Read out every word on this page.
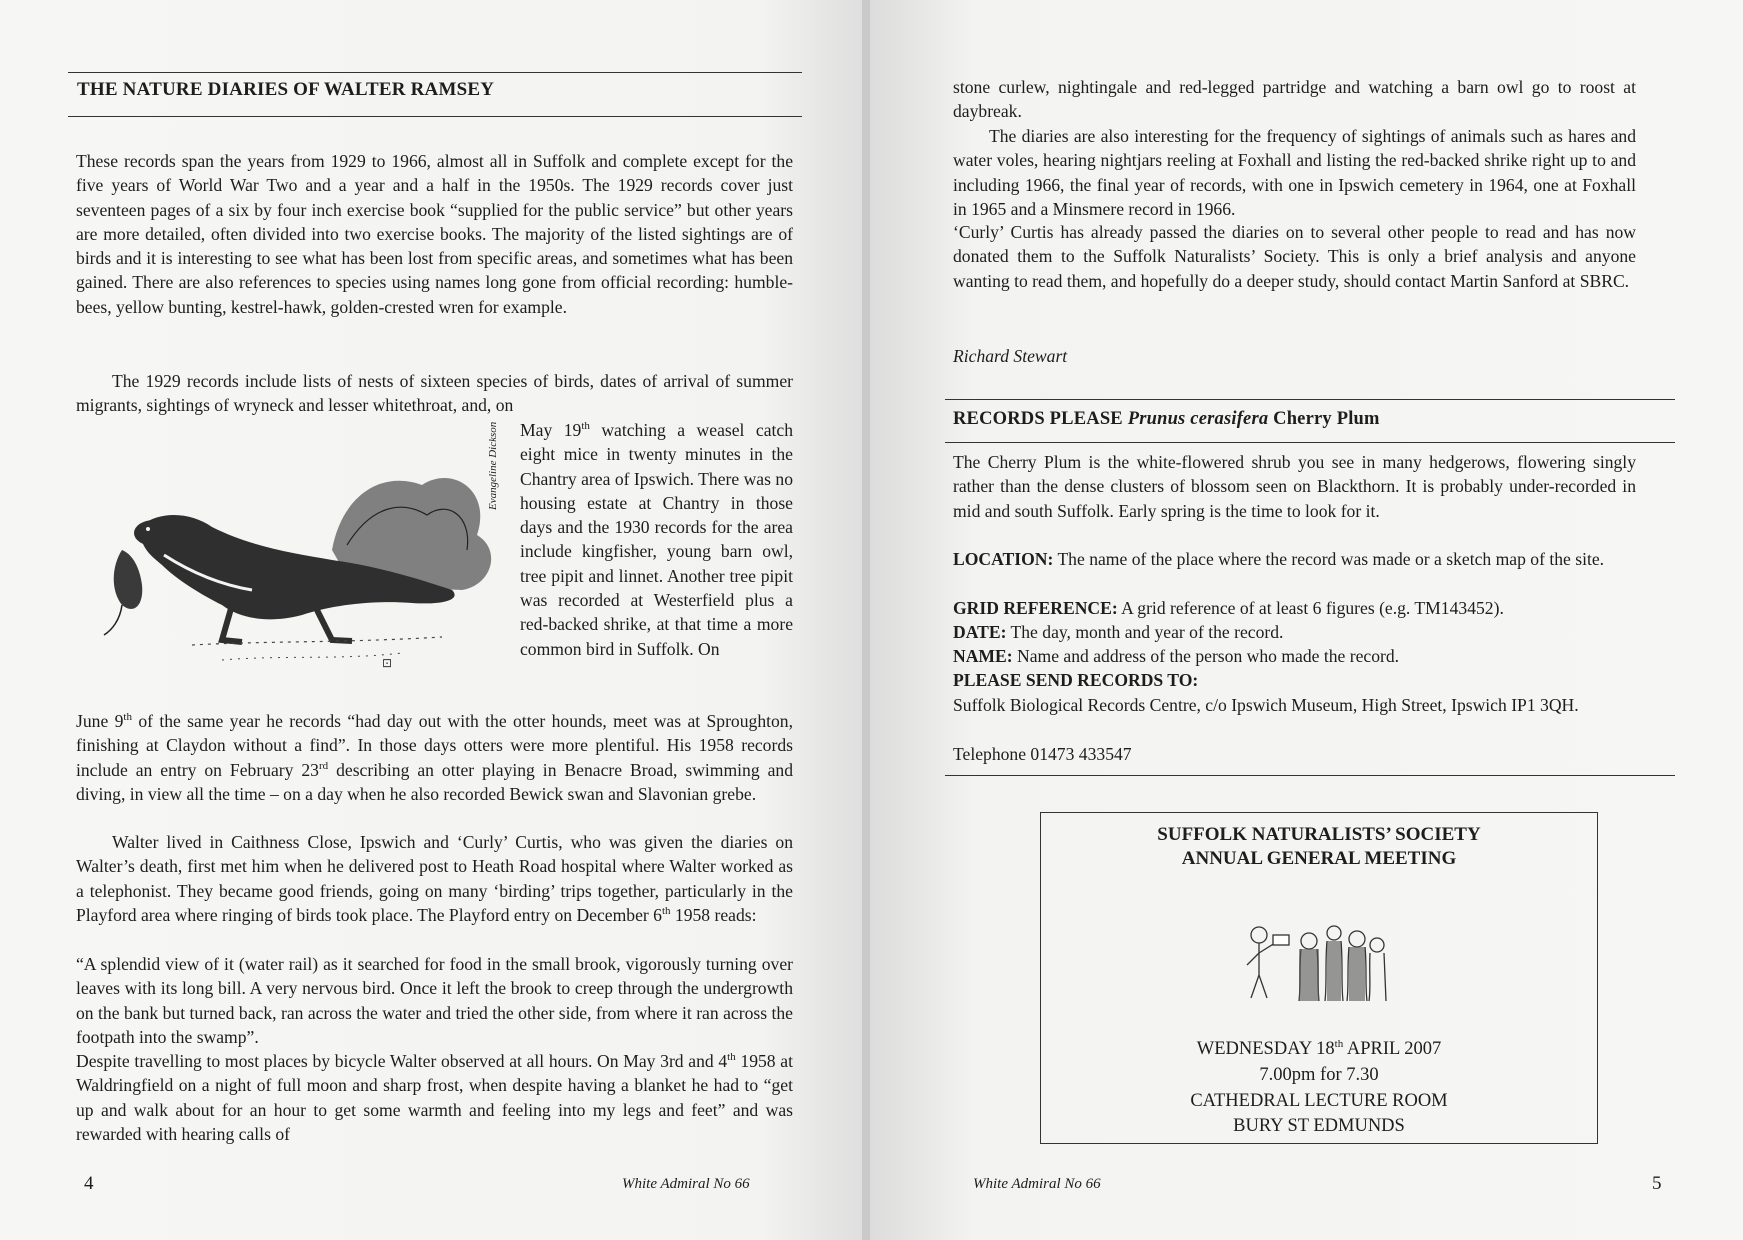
THE NATURE DIARIES OF WALTER RAMSEY
These records span the years from 1929 to 1966, almost all in Suffolk and complete except for the five years of World War Two and a year and a half in the 1950s. The 1929 records cover just seventeen pages of a six by four inch exercise book “supplied for the public service” but other years are more detailed, often divided into two exercise books. The majority of the listed sightings are of birds and it is interesting to see what has been lost from specific areas, and sometimes what has been gained. There are also references to species using names long gone from official recording: humble-bees, yellow bunting, kestrel-hawk, golden-crested wren for example.
The 1929 records include lists of nests of sixteen species of birds, dates of arrival of summer migrants, sightings of wryneck and lesser whitethroat, and, on
May 19th watching a weasel catch eight mice in twenty minutes in the Chantry area of Ipswich. There was no housing estate at Chantry in those days and the 1930 records for the area include kingfisher, young barn owl, tree pipit and linnet. Another tree pipit was recorded at Westerfield plus a red-backed shrike, at that time a more common bird in Suffolk. On
June 9th of the same year he records “had day out with the otter hounds, meet was at Sproughton, finishing at Claydon without a find”. In those days otters were more plentiful. His 1958 records include an entry on February 23rd describing an otter playing in Benacre Broad, swimming and diving, in view all the time – on a day when he also recorded Bewick swan and Slavonian grebe.
Walter lived in Caithness Close, Ipswich and ‘Curly’ Curtis, who was given the diaries on Walter’s death, first met him when he delivered post to Heath Road hospital where Walter worked as a telephonist. They became good friends, going on many ‘birding’ trips together, particularly in the Playford area where ringing of birds took place. The Playford entry on December 6th 1958 reads:
“A splendid view of it (water rail) as it searched for food in the small brook, vigorously turning over leaves with its long bill. A very nervous bird. Once it left the brook to creep through the undergrowth on the bank but turned back, ran across the water and tried the other side, from where it ran across the footpath into the swamp”.
Despite travelling to most places by bicycle Walter observed at all hours. On May 3rd and 4th 1958 at Waldringfield on a night of full moon and sharp frost, when despite having a blanket he had to “get up and walk about for an hour to get some warmth and feeling into my legs and feet” and was rewarded with hearing calls of
⊡
Evangeline Dickson
4	White Admiral No 66
stone curlew, nightingale and red-legged partridge and watching a barn owl go to roost at daybreak.
The diaries are also interesting for the frequency of sightings of animals such as hares and water voles, hearing nightjars reeling at Foxhall and listing the red-backed shrike right up to and including 1966, the final year of records, with one in Ipswich cemetery in 1964, one at Foxhall in 1965 and a Minsmere record in 1966.
‘Curly’ Curtis has already passed the diaries on to several other people to read and has now donated them to the Suffolk Naturalists’ Society. This is only a brief analysis and anyone wanting to read them, and hopefully do a deeper study, should contact Martin Sanford at SBRC.
Richard Stewart
RECORDS PLEASE Prunus cerasifera Cherry Plum
The Cherry Plum is the white-flowered shrub you see in many hedgerows, flowering singly rather than the dense clusters of blossom seen on Blackthorn. It is probably under-recorded in mid and south Suffolk. Early spring is the time to look for it.
LOCATION: The name of the place where the record was made or a sketch map of the site.
GRID REFERENCE: A grid reference of at least 6 figures (e.g. TM143452).
DATE: The day, month and year of the record.
NAME: Name and address of the person who made the record.
PLEASE SEND RECORDS TO:
Suffolk Biological Records Centre, c/o Ipswich Museum, High Street, Ipswich IP1 3QH.
Telephone 01473 433547
SUFFOLK NATURALISTS’ SOCIETY
ANNUAL GENERAL MEETING
WEDNESDAY 18th APRIL 2007
7.00pm for 7.30
CATHEDRAL LECTURE ROOM
BURY ST EDMUNDS
White Admiral No 66	5
